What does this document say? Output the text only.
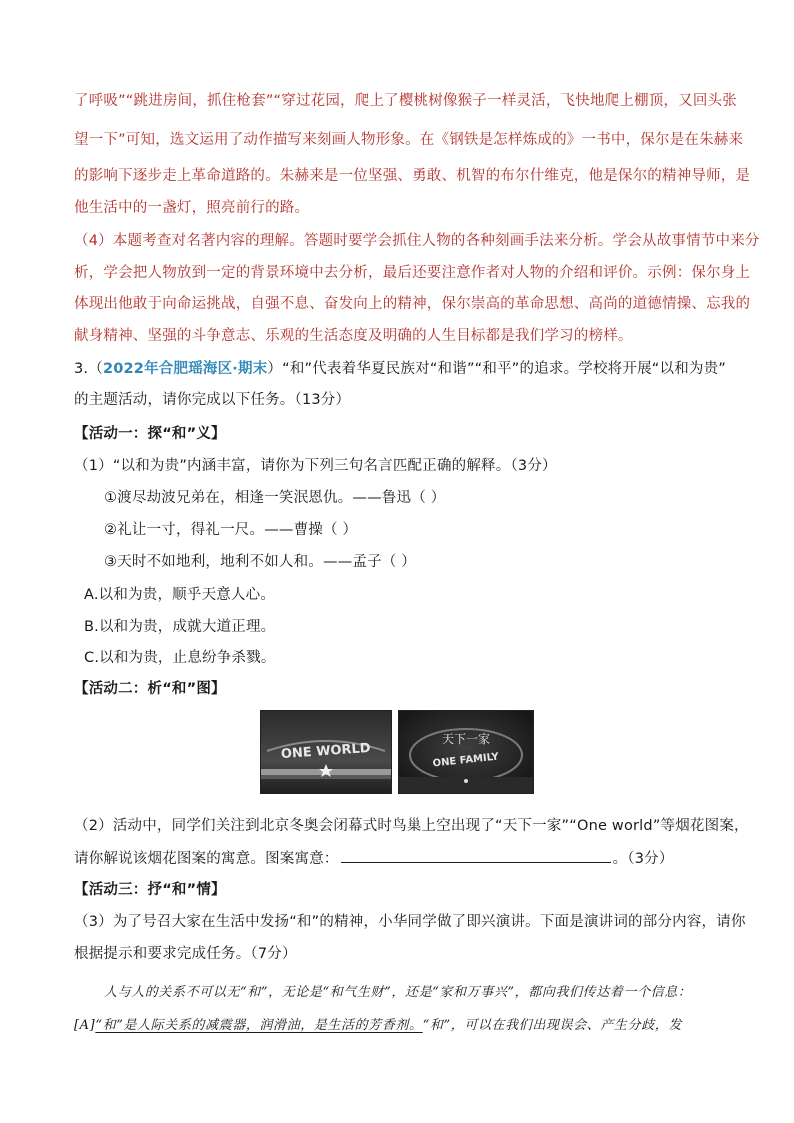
了呼吸”“跳进房间，抓住枪套”“穿过花园，爬上了樱桃树像猴子一样灵活，飞快地爬上棚顶，又回头张
望一下”可知，选文运用了动作描写来刻画人物形象。在《钢铁是怎样炼成的》一书中，保尔是在朱赫来
的影响下逐步走上革命道路的。朱赫来是一位坚强、勇敢、机智的布尔什维克，他是保尔的精神导师，是
他生活中的一盏灯，照亮前行的路。
（4）本题考查对名著内容的理解。答题时要学会抓住人物的各种刻画手法来分析。学会从故事情节中来分
析，学会把人物放到一定的背景环境中去分析，最后还要注意作者对人物的介绍和评价。示例：保尔身上
体现出他敢于向命运挑战，自强不息、奋发向上的精神，保尔崇高的革命思想、高尚的道德情操、忘我的
献身精神、坚强的斗争意志、乐观的生活态度及明确的人生目标都是我们学习的榜样。
3.（2022年合肥瑶海区·期末）“和”代表着华夏民族对“和谐”“和平”的追求。学校将开展“以和为贵”
的主题活动，请你完成以下任务。（13分）
【活动一：探“和”义】
（1）“以和为贵”内涵丰富，请你为下列三句名言匹配正确的解释。（3分）
①渡尽劫波兄弟在，相逢一笑泯恩仇。——鲁迅（ ）
②礼让一寸，得礼一尺。——曹操（ ）
③天时不如地利，地利不如人和。——孟子（ ）
A.以和为贵，顺乎天意人心。
B.以和为贵，成就大道正理。
C.以和为贵，止息纷争杀戮。
【活动二：析“和”图】
ONE WORLD
天下一家
ONE FAMILY
（2）活动中，同学们关注到北京冬奥会闭幕式时鸟巢上空出现了“天下一家”“One world”等烟花图案，
请你解说该烟花图案的寓意。图案寓意：	。（3分）
【活动三：抒“和”情】
（3）为了号召大家在生活中发扬“和”的精神，小华同学做了即兴演讲。下面是演讲词的部分内容，请你
根据提示和要求完成任务。（7分）
人与人的关系不可以无“和”，无论是“和气生财”，还是“家和万事兴”，都向我们传达着一个信息：
[A]“和”是人际关系的减震器，润滑油，是生活的芳香剂。“和”，可以在我们出现误会、产生分歧，发
